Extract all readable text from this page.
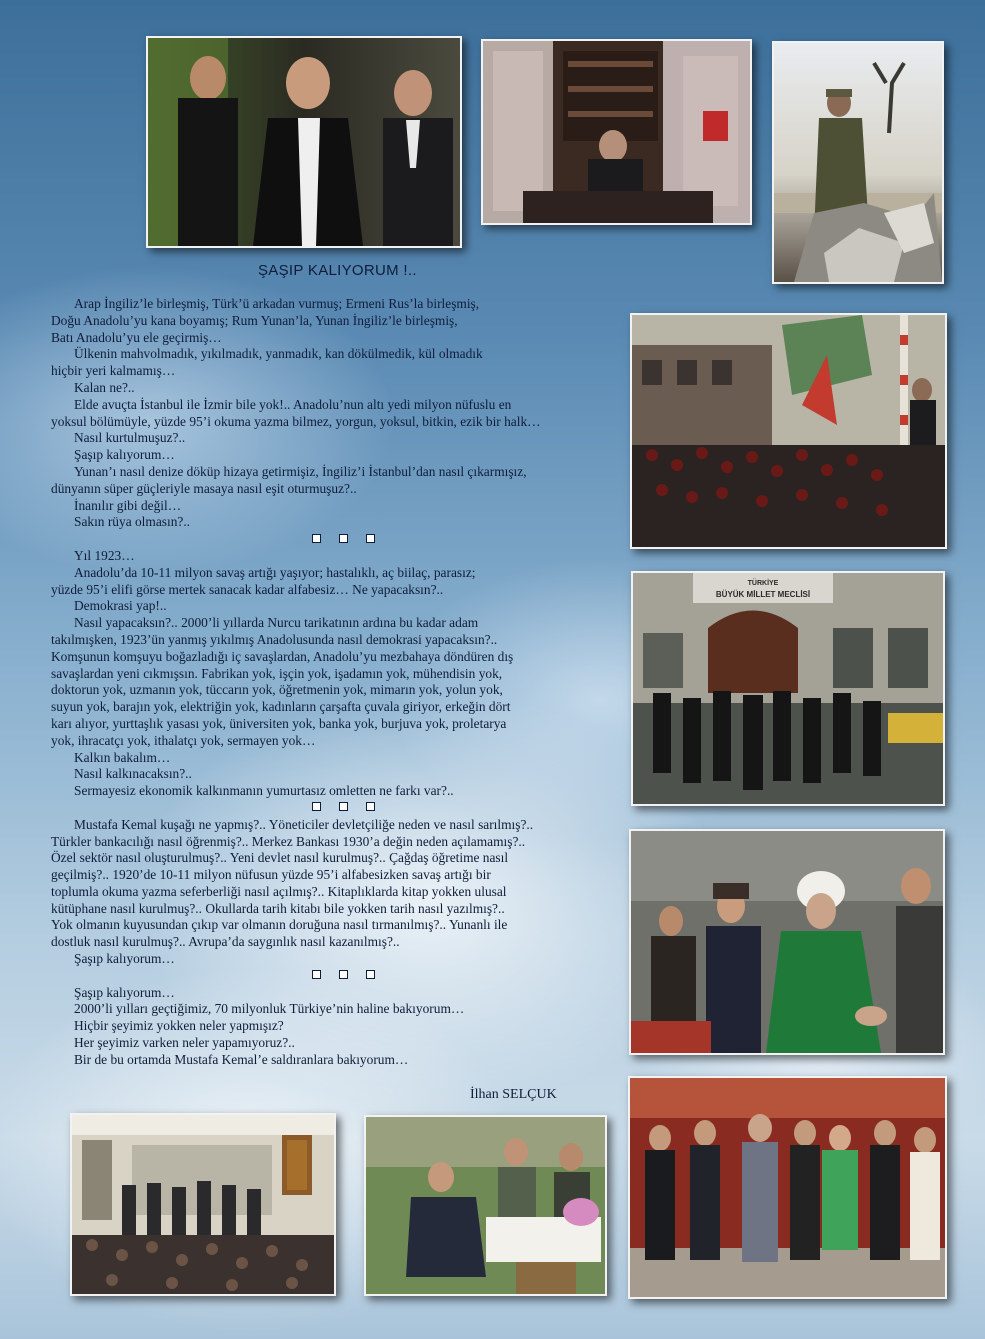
TÜRKİYE
BÜYÜK MİLLET MECLİSİ
ŞAŞIP KALIYORUM !..

Arap İngiliz’le birleşmiş, Türk’ü arkadan vurmuş; Ermeni Rus’la birleşmiş,

Doğu Anadolu’yu kana boyamış; Rum Yunan’la, Yunan İngiliz’le birleşmiş,

Batı Anadolu’yu ele geçirmiş…

Ülkenin mahvolmadık, yıkılmadık, yanmadık, kan dökülmedik, kül olmadık

hiçbir yeri kalmamış…

Kalan ne?..

Elde avuçta İstanbul ile İzmir bile yok!.. Anadolu’nun altı yedi milyon nüfuslu en

yoksul bölümüyle, yüzde 95’i okuma yazma bilmez, yorgun, yoksul, bitkin, ezik bir halk…

Nasıl kurtulmuşuz?..

Şaşıp kalıyorum…

Yunan’ı nasıl denize döküp hizaya getirmişiz, İngiliz’i İstanbul’dan nasıl çıkarmışız,

dünyanın süper güçleriyle masaya nasıl eşit oturmuşuz?..

İnanılır gibi değil…

Sakın rüya olmasın?..

Yıl 1923…

Anadolu’da 10-11 milyon savaş artığı yaşıyor; hastalıklı, aç biilaç, parasız;

yüzde 95’i elifi görse mertek sanacak kadar alfabesiz… Ne yapacaksın?..

Demokrasi yap!..

Nasıl yapacaksın?.. 2000’li yıllarda Nurcu tarikatının ardına bu kadar adam

takılmışken, 1923’ün yanmış yıkılmış Anadolusunda nasıl demokrasi yapacaksın?..

Komşunun komşuyu boğazladığı iç savaşlardan, Anadolu’yu mezbahaya döndüren dış

savaşlardan yeni cıkmışsın. Fabrikan yok, işçin yok, işadamın yok, mühendisin yok,

doktorun yok, uzmanın yok, tüccarın yok, öğretmenin yok, mimarın yok, yolun yok,

suyun yok, barajın yok, elektriğin yok, kadınların çarşafta çuvala giriyor, erkeğin dört

karı alıyor, yurttaşlık yasası yok, üniversiten yok, banka yok, burjuva yok, proletarya

yok, ihracatçı yok, ithalatçı yok, sermayen yok…

Kalkın bakalım…

Nasıl kalkınacaksın?..

Sermayesiz ekonomik kalkınmanın yumurtasız omletten ne farkı var?..

Mustafa Kemal kuşağı ne yapmış?.. Yöneticiler devletçiliğe neden ve nasıl sarılmış?..

Türkler bankacılığı nasıl öğrenmiş?.. Merkez Bankası 1930’a değin neden açılamamış?..

Özel sektör nasıl oluşturulmuş?.. Yeni devlet nasıl kurulmuş?.. Çağdaş öğretime nasıl

geçilmiş?.. 1920’de 10-11 milyon nüfusun yüzde 95’i alfabesizken savaş artığı bir

toplumla okuma yazma seferberliği nasıl açılmış?.. Kitaplıklarda kitap yokken ulusal

kütüphane nasıl kurulmuş?.. Okullarda tarih kitabı bile yokken tarih nasıl yazılmış?..

Yok olmanın kuyusundan çıkıp var olmanın doruğuna nasıl tırmanılmış?.. Yunanlı ile

dostluk nasıl kurulmuş?.. Avrupa’da saygınlık nasıl kazanılmış?..

Şaşıp kalıyorum…

Şaşıp kalıyorum…

2000’li yılları geçtiğimiz, 70 milyonluk Türkiye’nin haline bakıyorum…

Hiçbir şeyimiz yokken neler yapmışız?

Her şeyimiz varken neler yapamıyoruz?..

Bir de bu ortamda Mustafa Kemal’e saldıranlara bakıyorum…

İlhan SELÇUK
